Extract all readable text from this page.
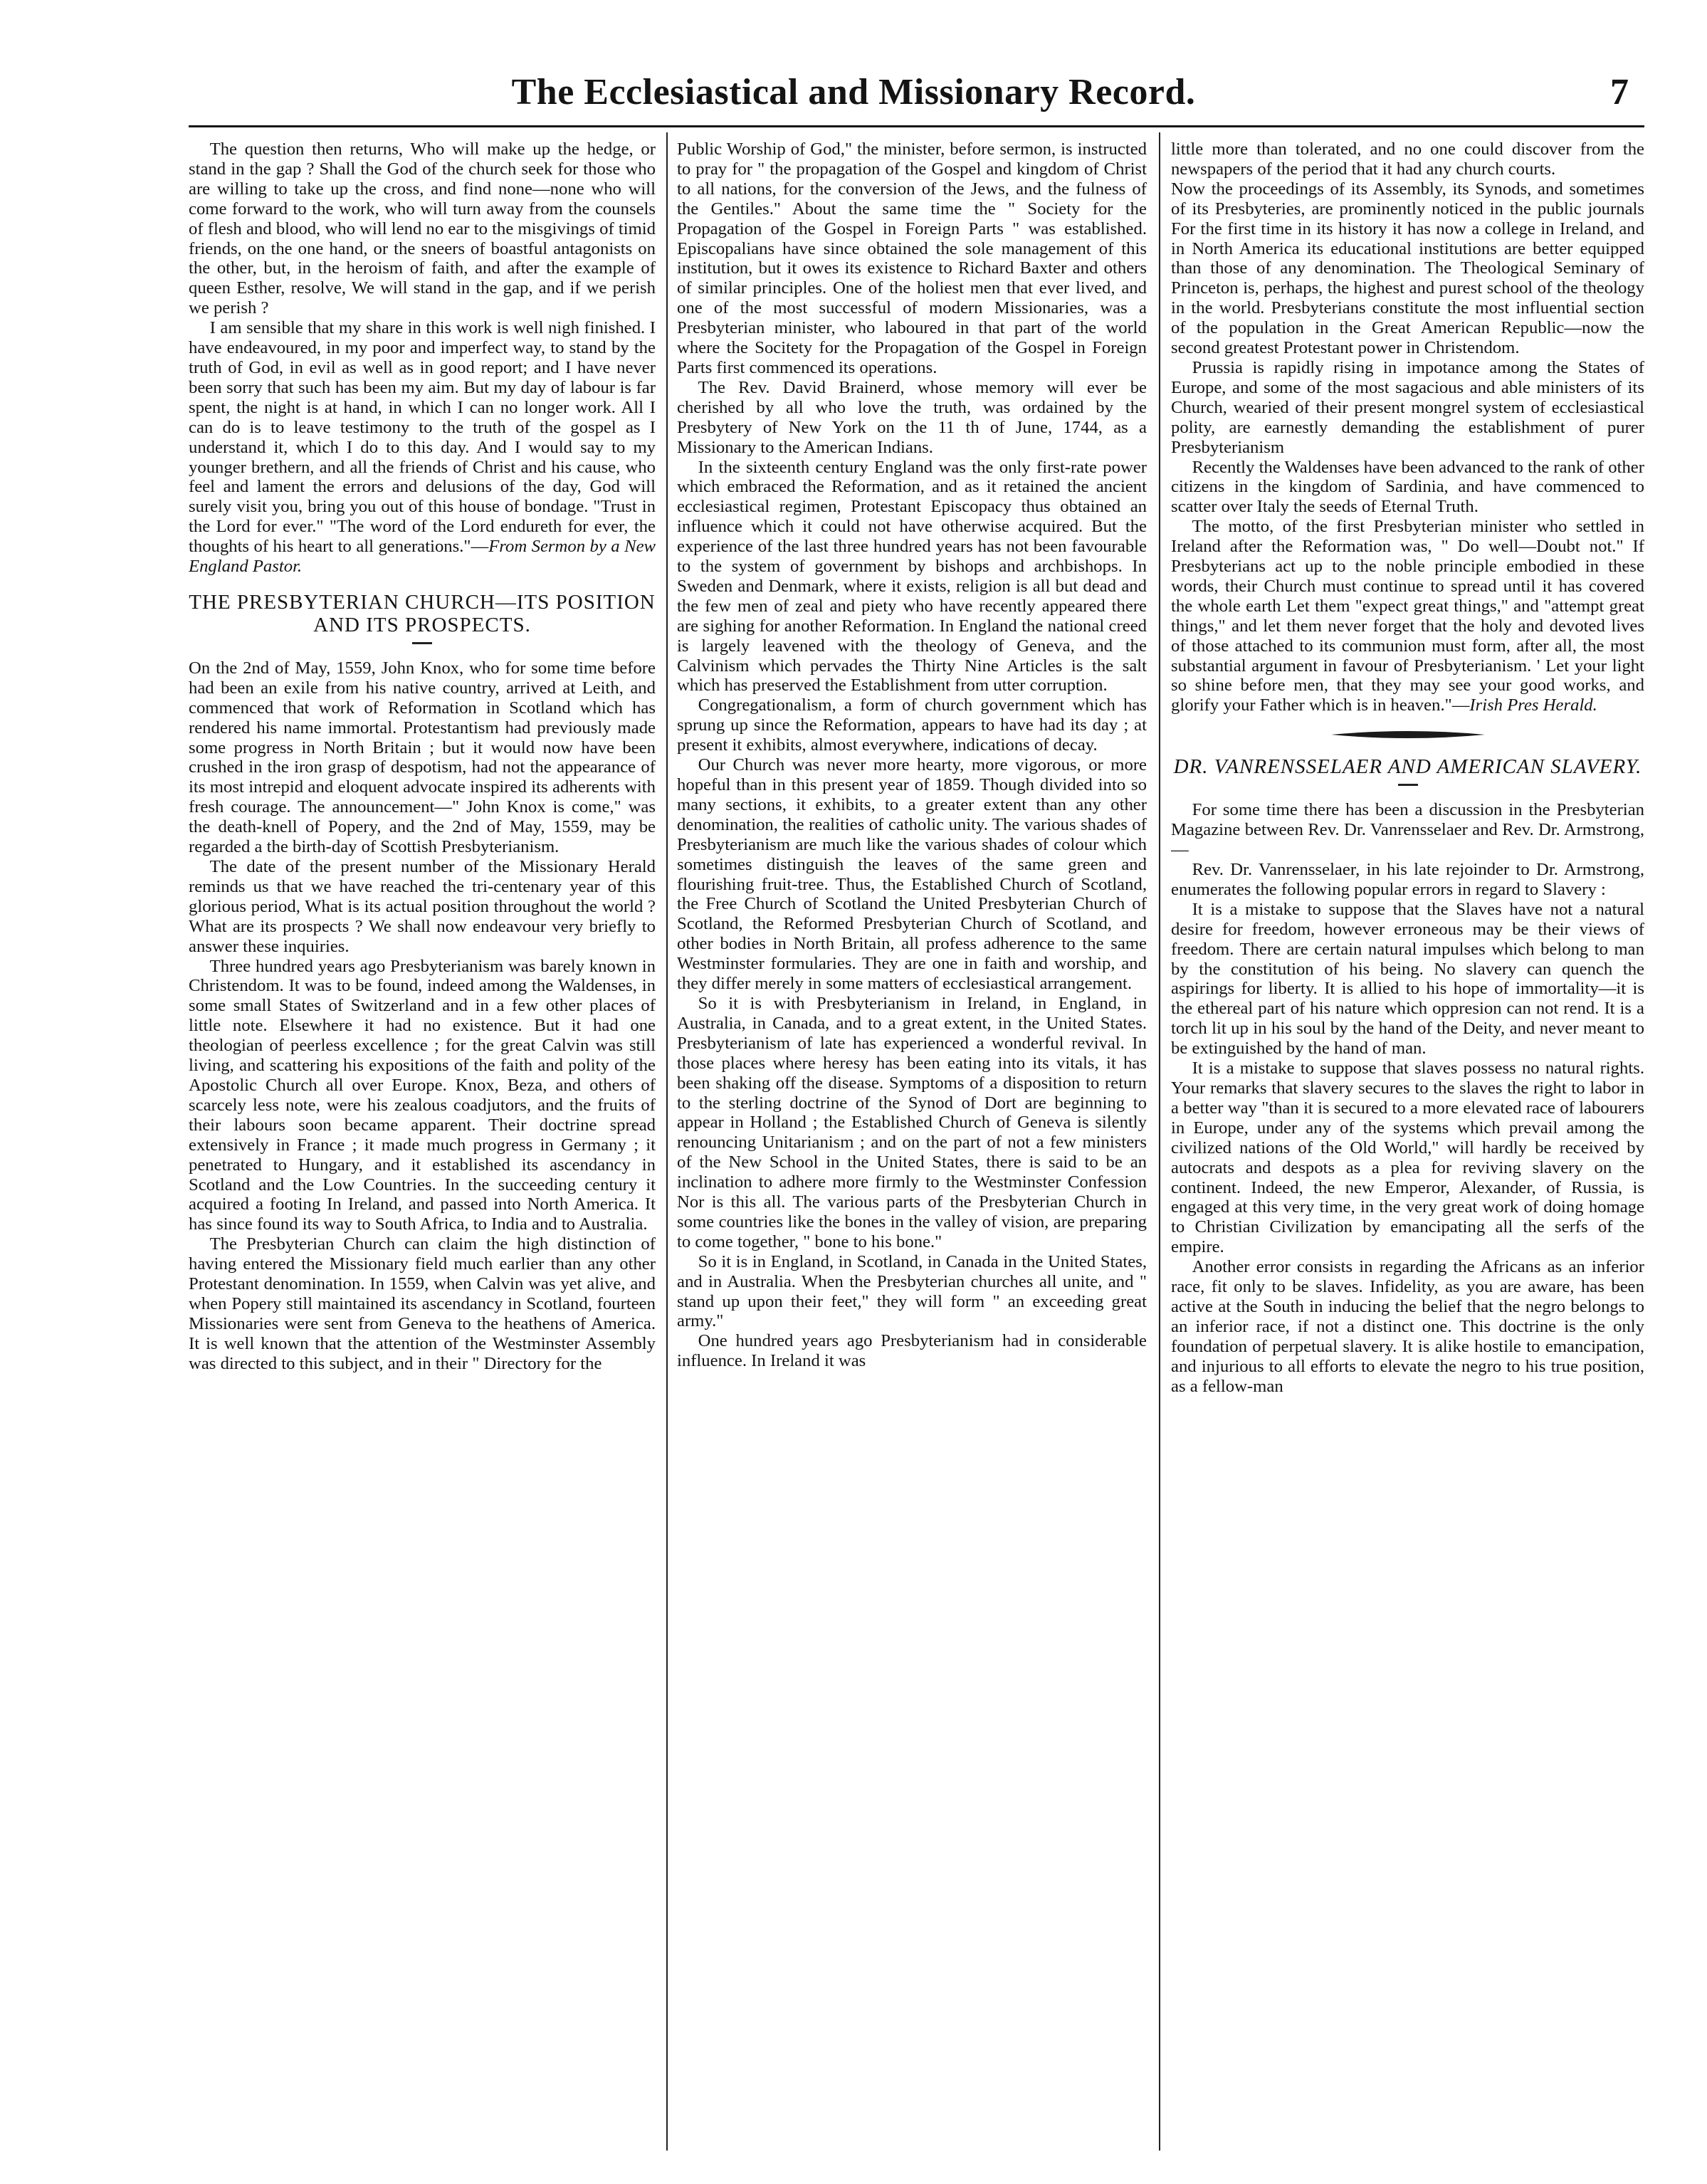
The Ecclesiastical and Missionary Record.	7

The question then returns, Who will make up the hedge, or stand in the gap ? Shall the God of the church seek for those who are willing to take up the cross, and find none—none who will come forward to the work, who will turn away from the counsels of flesh and blood, who will lend no ear to the misgivings of timid friends, on the one hand, or the sneers of boastful antagonists on the other, but, in the heroism of faith, and after the example of queen Esther, resolve, We will stand in the gap, and if we perish we perish ?

I am sensible that my share in this work is well nigh finished. I have endeavoured, in my poor and imperfect way, to stand by the truth of God, in evil as well as in good report; and I have never been sorry that such has been my aim. But my day of labour is far spent, the night is at hand, in which I can no longer work. All I can do is to leave testimony to the truth of the gospel as I understand it, which I do to this day. And I would say to my younger brethern, and all the friends of Christ and his cause, who feel and lament the errors and delusions of the day, God will surely visit you, bring you out of this house of bondage. "Trust in the Lord for ever." "The word of the Lord endureth for ever, the thoughts of his heart to all generations."—From Sermon by a New England Pastor.

THE PRESBYTERIAN CHURCH—ITS POSITION AND ITS PROSPECTS.

On the 2nd of May, 1559, John Knox, who for some time before had been an exile from his native country, arrived at Leith, and commenced that work of Reformation in Scotland which has rendered his name immortal. Protestantism had previously made some progress in North Britain ; but it would now have been crushed in the iron grasp of despotism, had not the appearance of its most intrepid and eloquent advocate inspired its adherents with fresh courage. The announcement—" John Knox is come," was the death-knell of Popery, and the 2nd of May, 1559, may be regarded a the birth-day of Scottish Presbyterianism.

The date of the present number of the Missionary Herald reminds us that we have reached the tri-centenary year of this glorious period, What is its actual position throughout the world ? What are its prospects ? We shall now endeavour very briefly to answer these inquiries.

Three hundred years ago Presbyterianism was barely known in Christendom. It was to be found, indeed among the Waldenses, in some small States of Switzerland and in a few other places of little note. Elsewhere it had no existence. But it had one theologian of peerless excellence ; for the great Calvin was still living, and scattering his expositions of the faith and polity of the Apostolic Church all over Europe. Knox, Beza, and others of scarcely less note, were his zealous coadjutors, and the fruits of their labours soon became apparent. Their doctrine spread extensively in France ; it made much progress in Germany ; it penetrated to Hungary, and it established its ascendancy in Scotland and the Low Countries. In the succeeding century it acquired a footing In Ireland, and passed into North America. It has since found its way to South Africa, to India and to Australia.

The Presbyterian Church can claim the high distinction of having entered the Missionary field much earlier than any other Protestant denomination. In 1559, when Calvin was yet alive, and when Popery still maintained its ascendancy in Scotland, fourteen Missionaries were sent from Geneva to the heathens of America. It is well known that the attention of the Westminster Assembly was directed to this subject, and in their " Directory for the

Public Worship of God," the minister, before sermon, is instructed to pray for " the propagation of the Gospel and kingdom of Christ to all nations, for the conversion of the Jews, and the fulness of the Gentiles." About the same time the " Society for the Propagation of the Gospel in Foreign Parts " was established. Episcopalians have since obtained the sole management of this institution, but it owes its existence to Richard Baxter and others of similar principles. One of the holiest men that ever lived, and one of the most successful of modern Missionaries, was a Presbyterian minister, who laboured in that part of the world where the Socitety for the Propagation of the Gospel in Foreign Parts first commenced its operations.

The Rev. David Brainerd, whose memory will ever be cherished by all who love the truth, was ordained by the Presbytery of New York on the 11 th of June, 1744, as a Missionary to the American Indians.

In the sixteenth century England was the only first-rate power which embraced the Reformation, and as it retained the ancient ecclesiastical regimen, Protestant Episcopacy thus obtained an influence which it could not have otherwise acquired. But the experience of the last three hundred years has not been favourable to the system of government by bishops and archbishops. In Sweden and Denmark, where it exists, religion is all but dead and the few men of zeal and piety who have recently appeared there are sighing for another Reformation. In England the national creed is largely leavened with the theology of Geneva, and the Calvinism which pervades the Thirty Nine Articles is the salt which has preserved the Establishment from utter corruption.

Congregationalism, a form of church government which has sprung up since the Reformation, appears to have had its day ; at present it exhibits, almost everywhere, indications of decay.

Our Church was never more hearty, more vigorous, or more hopeful than in this present year of 1859. Though divided into so many sections, it exhibits, to a greater extent than any other denomination, the realities of catholic unity. The various shades of Presbyterianism are much like the various shades of colour which sometimes distinguish the leaves of the same green and flourishing fruit-tree. Thus, the Established Church of Scotland, the Free Church of Scotland the United Presbyterian Church of Scotland, the Reformed Presbyterian Church of Scotland, and other bodies in North Britain, all profess adherence to the same Westminster formularies. They are one in faith and worship, and they differ merely in some matters of ecclesiastical arrangement.

So it is with Presbyterianism in Ireland, in England, in Australia, in Canada, and to a great extent, in the United States. Presbyterianism of late has experienced a wonderful revival. In those places where heresy has been eating into its vitals, it has been shaking off the disease. Symptoms of a disposition to return to the sterling doctrine of the Synod of Dort are beginning to appear in Holland ; the Established Church of Geneva is silently renouncing Unitarianism ; and on the part of not a few ministers of the New School in the United States, there is said to be an inclination to adhere more firmly to the Westminster Confession Nor is this all. The various parts of the Presbyterian Church in some countries like the bones in the valley of vision, are preparing to come together, " bone to his bone."

So it is in England, in Scotland, in Canada in the United States, and in Australia. When the Presbyterian churches all unite, and " stand up upon their feet," they will form " an exceeding great army."

One hundred years ago Presbyterianism had in considerable influence. In Ireland it was

little more than tolerated, and no one could discover from the newspapers of the period that it had any church courts.

Now the proceedings of its Assembly, its Synods, and sometimes of its Presbyteries, are prominently noticed in the public journals For the first time in its history it has now a college in Ireland, and in North America its educational institutions are better equipped than those of any denomination. The Theological Seminary of Princeton is, perhaps, the highest and purest school of the theology in the world. Presbyterians constitute the most influential section of the population in the Great American Republic—now the second greatest Protestant power in Christendom.

Prussia is rapidly rising in impotance among the States of Europe, and some of the most sagacious and able ministers of its Church, wearied of their present mongrel system of ecclesiastical polity, are earnestly demanding the establishment of purer Presbyterianism

Recently the Waldenses have been advanced to the rank of other citizens in the kingdom of Sardinia, and have commenced to scatter over Italy the seeds of Eternal Truth.

The motto, of the first Presbyterian minister who settled in Ireland after the Reformation was, " Do well—Doubt not." If Presbyterians act up to the noble principle embodied in these words, their Church must continue to spread until it has covered the whole earth Let them "expect great things," and "attempt great things," and let them never forget that the holy and devoted lives of those attached to its communion must form, after all, the most substantial argument in favour of Presbyterianism. ' Let your light so shine before men, that they may see your good works, and glorify your Father which is in heaven."—Irish Pres Herald.

DR. VANRENSSELAER AND AMERICAN SLAVERY.

For some time there has been a discussion in the Presbyterian Magazine between Rev. Dr. Vanrensselaer and Rev. Dr. Armstrong,—

Rev. Dr. Vanrensselaer, in his late rejoinder to Dr. Armstrong, enumerates the following popular errors in regard to Slavery :

It is a mistake to suppose that the Slaves have not a natural desire for freedom, however erroneous may be their views of freedom. There are certain natural impulses which belong to man by the constitution of his being. No slavery can quench the aspirings for liberty. It is allied to his hope of immortality—it is the ethereal part of his nature which oppresion can not rend. It is a torch lit up in his soul by the hand of the Deity, and never meant to be extinguished by the hand of man.

It is a mistake to suppose that slaves possess no natural rights. Your remarks that slavery secures to the slaves the right to labor in a better way "than it is secured to a more elevated race of labourers in Europe, under any of the systems which prevail among the civilized nations of the Old World," will hardly be received by autocrats and despots as a plea for reviving slavery on the continent. Indeed, the new Emperor, Alexander, of Russia, is engaged at this very time, in the very great work of doing homage to Christian Civilization by emancipating all the serfs of the empire.

Another error consists in regarding the Africans as an inferior race, fit only to be slaves. Infidelity, as you are aware, has been active at the South in inducing the belief that the negro belongs to an inferior race, if not a distinct one. This doctrine is the only foundation of perpetual slavery. It is alike hostile to emancipation, and injurious to all efforts to elevate the negro to his true position, as a fellow-man
